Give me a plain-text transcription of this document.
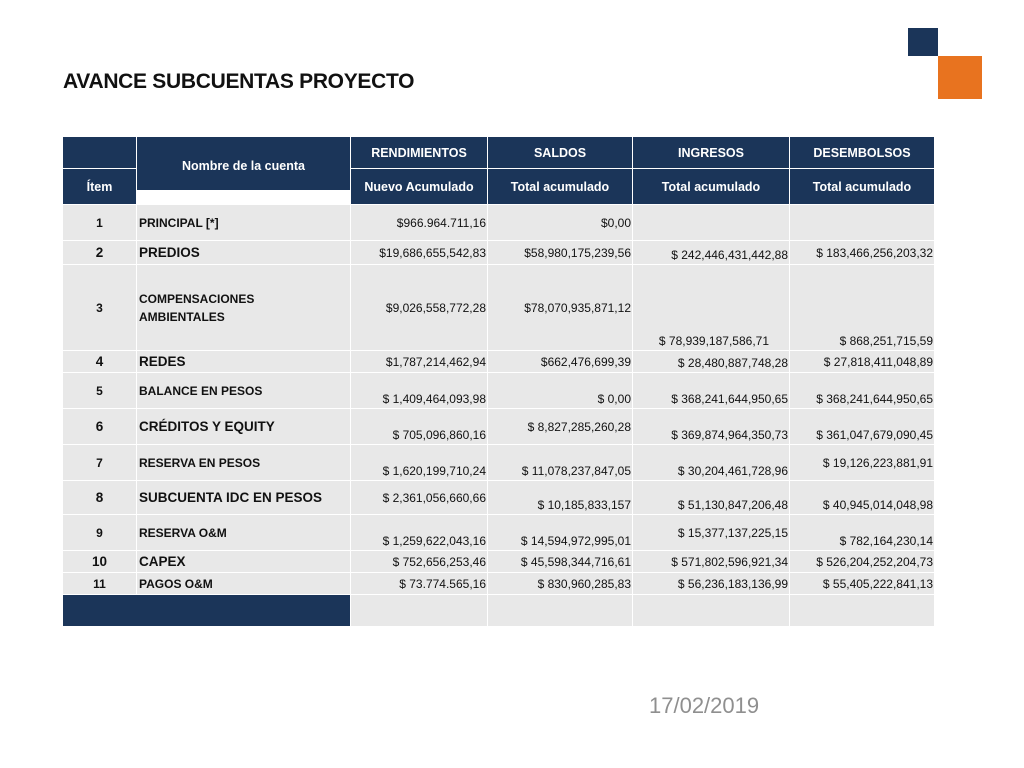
AVANCE SUBCUENTAS PROYECTO
		RENDIMIENTOS	SALDOS	INGRESOS	DESEMBOLSOS
Ítem	Nombre de la cuenta	Nuevo Acumulado	Total acumulado	Total acumulado	Total acumulado
1	PRINCIPAL [*]	$966.964.711,16	$0,00		
2	PREDIOS	$19,686,655,542,83	$58,980,175,239,56	$ 242,446,431,442,88	$ 183,466,256,203,32
3	COMPENSACIONES AMBIENTALES	$9,026,558,772,28	$78,070,935,871,12	$ 78,939,187,586,71	$ 868,251,715,59
4	REDES	$1,787,214,462,94	$662,476,699,39	$ 28,480,887,748,28	$ 27,818,411,048,89
5	BALANCE EN PESOS	$ 1,409,464,093,98	$ 0,00	$ 368,241,644,950,65	$ 368,241,644,950,65
6	CRÉDITOS Y EQUITY	$ 705,096,860,16	$ 8,827,285,260,28	$ 369,874,964,350,73	$ 361,047,679,090,45
7	RESERVA EN PESOS	$ 1,620,199,710,24	$ 11,078,237,847,05	$ 30,204,461,728,96	$ 19,126,223,881,91
8	SUBCUENTA IDC EN PESOS	$ 2,361,056,660,66	$ 10,185,833,157	$ 51,130,847,206,48	$ 40,945,014,048,98
9	RESERVA O&M	$ 1,259,622,043,16	$ 14,594,972,995,01	$ 15,377,137,225,15	$ 782,164,230,14
10	CAPEX	$ 752,656,253,46	$ 45,598,344,716,61	$ 571,802,596,921,34	$ 526,204,252,204,73
11	PAGOS O&M	$ 73.774.565,16	$ 830,960,285,83	$ 56,236,183,136,99	$ 55,405,222,841,13

17/02/2019
